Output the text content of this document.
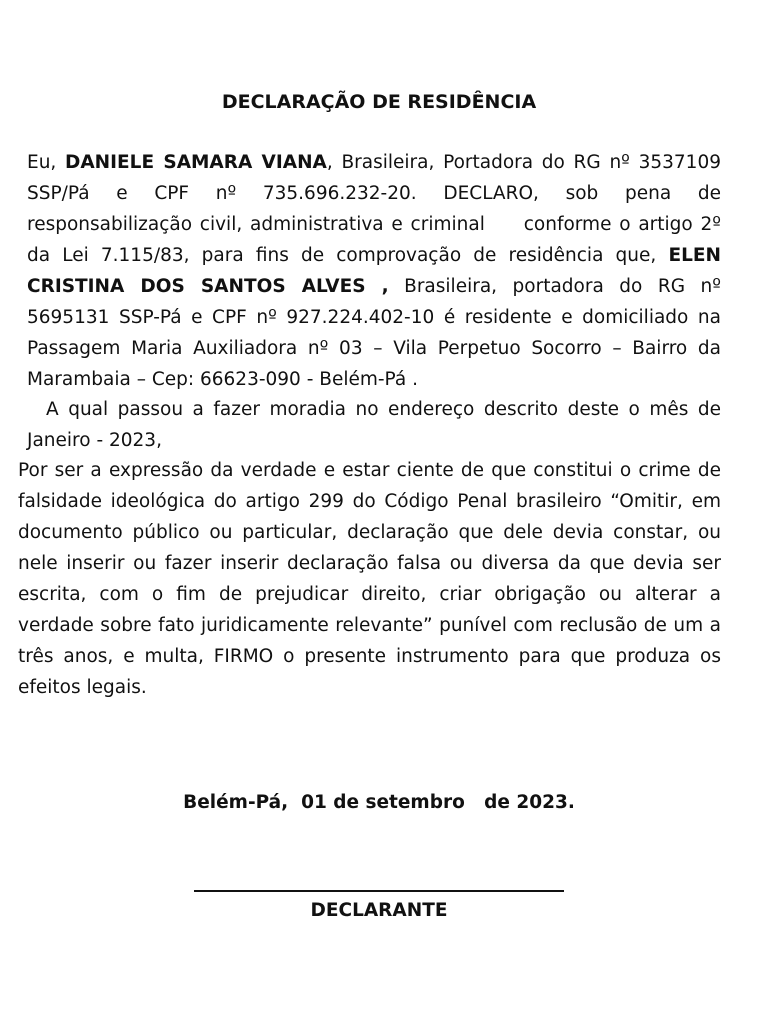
DECLARAÇÃO DE RESIDÊNCIA

Eu, DANIELE SAMARA VIANA, Brasileira, Portadora do RG nº 3537109 SSP/Pá e CPF nº 735.696.232-20. DECLARO, sob pena de responsabilização civil, administrativa e criminal conforme o artigo 2º da Lei 7.115/83, para fins de comprovação de residência que, ELEN CRISTINA DOS SANTOS ALVES , Brasileira, portadora do RG nº 5695131 SSP-Pá e CPF nº 927.224.402-10 é residente e domiciliado na Passagem Maria Auxiliadora nº 03 – Vila Perpetuo Socorro – Bairro da Marambaia – Cep: 66623-090 - Belém-Pá .

A qual passou a fazer moradia no endereço descrito deste o mês de Janeiro - 2023,

Por ser a expressão da verdade e estar ciente de que constitui o crime de falsidade ideológica do artigo 299 do Código Penal brasileiro “Omitir, em documento público ou particular, declaração que dele devia constar, ou nele inserir ou fazer inserir declaração falsa ou diversa da que devia ser escrita, com o fim de prejudicar direito, criar obrigação ou alterar a verdade sobre fato juridicamente relevante” punível com reclusão de um a três anos, e multa, FIRMO o presente instrumento para que produza os efeitos legais.

Belém-Pá,  01 de setembro   de 2023.
DECLARANTE
